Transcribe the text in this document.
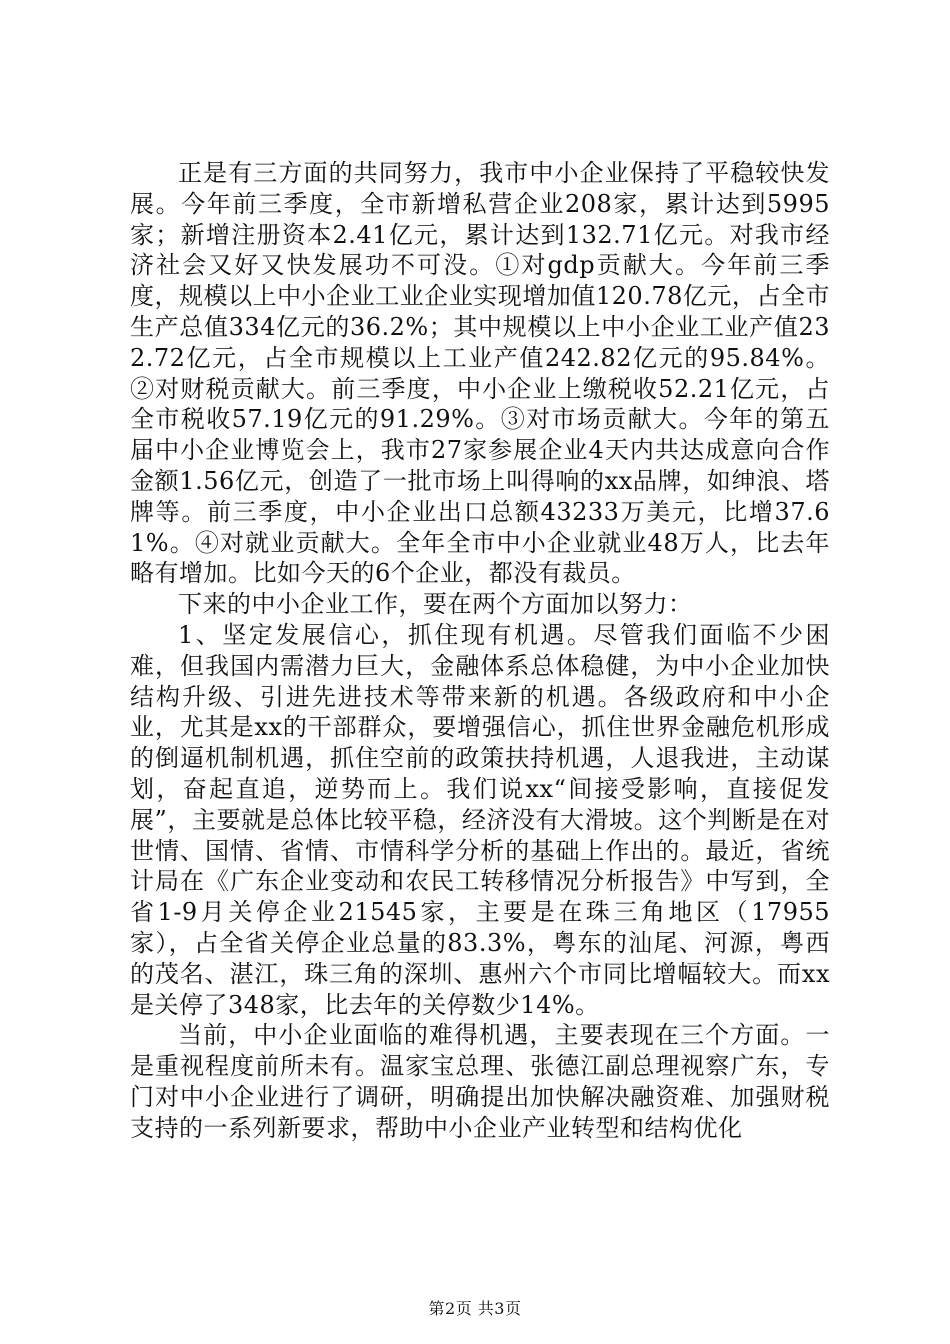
正是有三方面的共同努力，我市中小企业保持了平稳较快发展。今年前三季度，全市新增私营企业208家，累计达到5995家；新增注册资本2.41亿元，累计达到132.71亿元。对我市经济社会又好又快发展功不可没。①对gdp贡献大。今年前三季度，规模以上中小企业工业企业实现增加值120.78亿元，占全市生产总值334亿元的36.2%；其中规模以上中小企业工业产值232.72亿元，占全市规模以上工业产值242.82亿元的95.84%。②对财税贡献大。前三季度，中小企业上缴税收52.21亿元，占全市税收57.19亿元的91.29%。③对市场贡献大。今年的第五届中小企业博览会上，我市27家参展企业4天内共达成意向合作金额1.56亿元，创造了一批市场上叫得响的xx品牌，如绅浪、塔牌等。前三季度，中小企业出口总额43233万美元，比增37.61%。④对就业贡献大。全年全市中小企业就业48万人，比去年略有增加。比如今天的6个企业，都没有裁员。

下来的中小企业工作，要在两个方面加以努力：

1、坚定发展信心，抓住现有机遇。尽管我们面临不少困难，但我国内需潜力巨大，金融体系总体稳健，为中小企业加快结构升级、引进先进技术等带来新的机遇。各级政府和中小企业，尤其是xx的干部群众，要增强信心，抓住世界金融危机形成的倒逼机制机遇，抓住空前的政策扶持机遇，人退我进，主动谋划，奋起直追，逆势而上。我们说xx“间接受影响，直接促发展”，主要就是总体比较平稳，经济没有大滑坡。这个判断是在对世情、国情、省情、市情科学分析的基础上作出的。最近，省统计局在《广东企业变动和农民工转移情况分析报告》中写到，全省1-9月关停企业21545家，主要是在珠三角地区（17955家），占全省关停企业总量的83.3%，粤东的汕尾、河源，粤西的茂名、湛江，珠三角的深圳、惠州六个市同比增幅较大。而xx是关停了348家，比去年的关停数少14%。

当前，中小企业面临的难得机遇，主要表现在三个方面。一是重视程度前所未有。温家宝总理、张德江副总理视察广东，专门对中小企业进行了调研，明确提出加快解决融资难、加强财税支持的一系列新要求，帮助中小企业产业转型和结构优化

第2页 共3页
